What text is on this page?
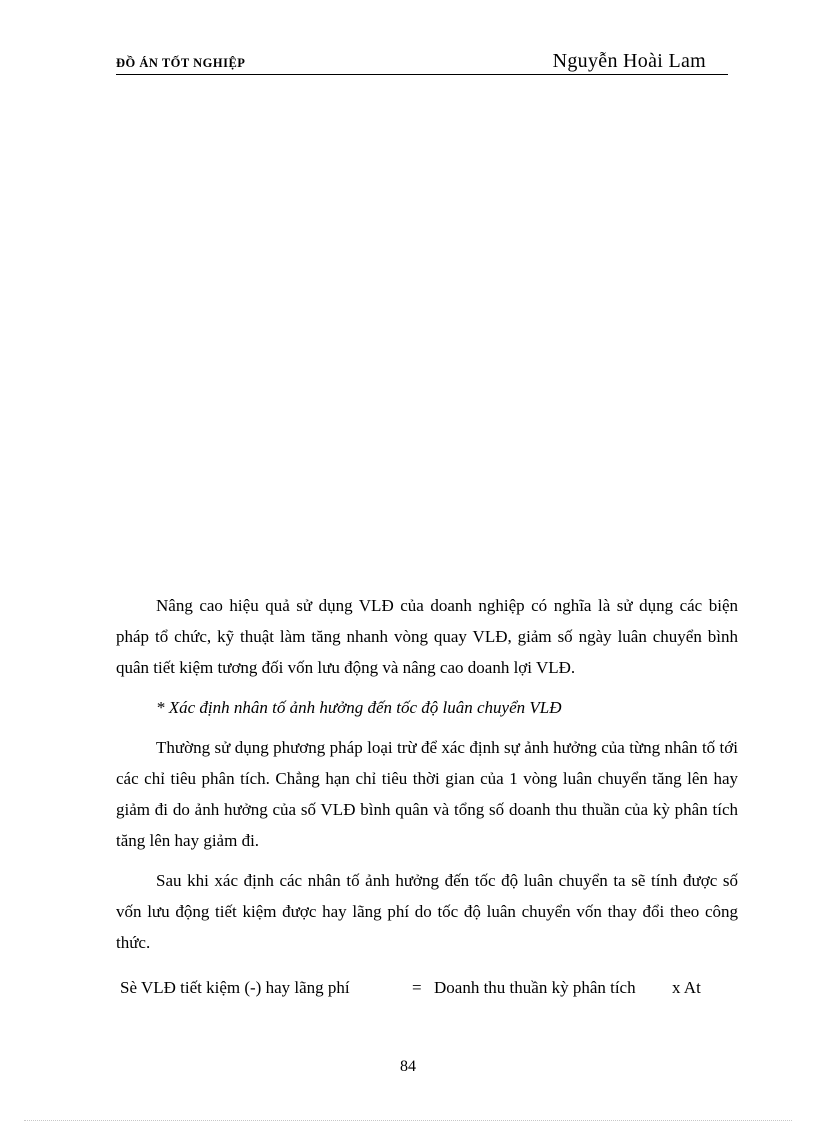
ĐỒ ÁN TỐT NGHIỆP	Nguyễn Hoài Lam

Nâng cao hiệu quả sử dụng VLĐ của doanh nghiệp có nghĩa là sử dụng các biện pháp tổ chức, kỹ thuật làm tăng nhanh vòng quay VLĐ, giảm số ngày luân chuyển bình quân tiết kiệm tương đối vốn lưu động và nâng cao doanh lợi VLĐ.

* Xác định nhân tố ảnh hưởng đến tốc độ luân chuyển VLĐ

Thường sử dụng phương pháp loại trừ để xác định sự ảnh hưởng của từng nhân tố tới các chỉ tiêu phân tích. Chẳng hạn chỉ tiêu thời gian của 1 vòng luân chuyển tăng lên hay giảm đi do ảnh hưởng của số VLĐ bình quân và tổng số doanh thu thuần của kỳ phân tích tăng lên hay giảm đi.

Sau khi xác định các nhân tố ảnh hưởng đến tốc độ luân chuyển ta sẽ tính được số vốn lưu động tiết kiệm được hay lãng phí do tốc độ luân chuyển vốn thay đổi theo công thức.

Sè VLĐ tiết kiệm (-) hay lãng phí	= Doanh thu thuần kỳ phân tích x At
84
